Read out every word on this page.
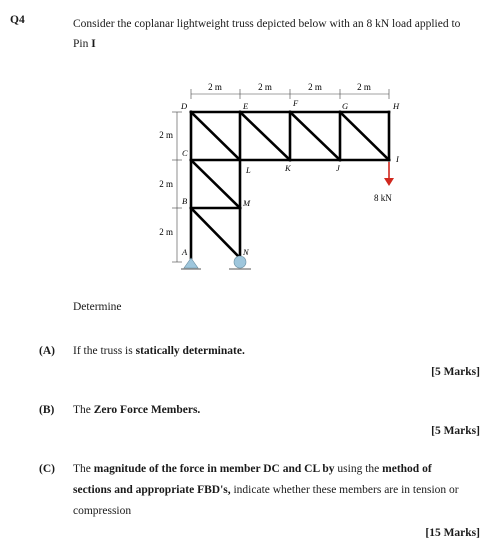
Q4	Consider the coplanar lightweight truss depicted below with an 8 kN load applied to
Pin I
2 m	2 m	2 m	2 m
2 m
2 m
2 m
D	E	F	G	H
C
L	K	J
I
B	M
A	N
8 kN
Determine
(A) If the truss is statically determinate.
[5 Marks]
(B) The Zero Force Members.
[5 Marks]
(C) The magnitude of the force in member DC and CL by using the method of
sections and appropriate FBD's, indicate whether these members are in tension or
compression
[15 Marks]
